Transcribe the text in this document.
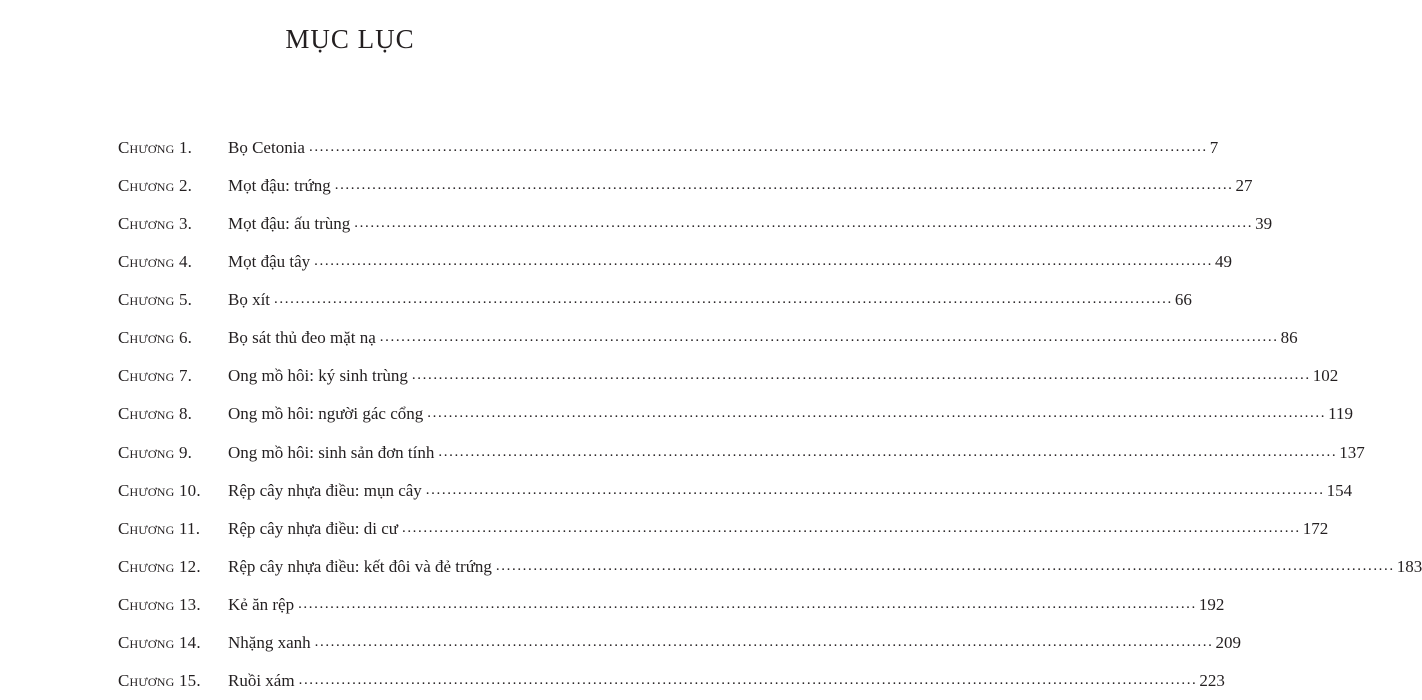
MỤC LỤC
Chương 1.	Bọ Cetonia ........................................................................................................................................................................ 7
Chương 2.	Mọt đậu: trứng ........................................................................................................................................................................ 27
Chương 3.	Mọt đậu: ấu trùng ........................................................................................................................................................................ 39
Chương 4.	Mọt đậu tây ........................................................................................................................................................................ 49
Chương 5.	Bọ xít ........................................................................................................................................................................ 66
Chương 6.	Bọ sát thủ đeo mặt nạ ........................................................................................................................................................................ 86
Chương 7.	Ong mồ hôi: ký sinh trùng ........................................................................................................................................................................ 102
Chương 8.	Ong mồ hôi: người gác cổng ........................................................................................................................................................................ 119
Chương 9.	Ong mồ hôi: sinh sản đơn tính ........................................................................................................................................................................ 137
Chương 10.	Rệp cây nhựa điều: mụn cây ........................................................................................................................................................................ 154
Chương 11.	Rệp cây nhựa điều: di cư ........................................................................................................................................................................ 172
Chương 12.	Rệp cây nhựa điều: kết đôi và đẻ trứng ........................................................................................................................................................................ 183
Chương 13.	Kẻ ăn rệp ........................................................................................................................................................................ 192
Chương 14.	Nhặng xanh ........................................................................................................................................................................ 209
Chương 15.	Ruồi xám ........................................................................................................................................................................ 223
